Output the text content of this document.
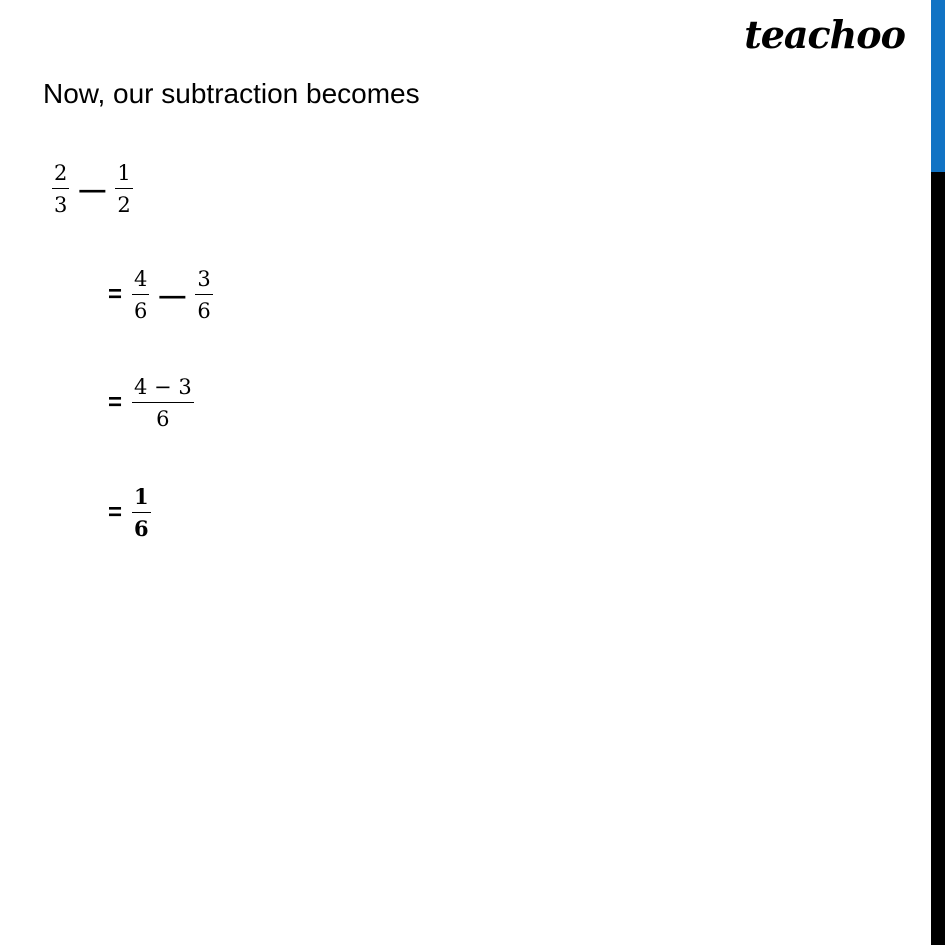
teachoo
Now, our subtraction becomes
$\frac{2}{3}$ — $\frac{1}{2}$
= $\frac{4}{6}$ — $\frac{3}{6}$
= $\frac{4 - 3}{6}$
= $\frac{1}{6}$
